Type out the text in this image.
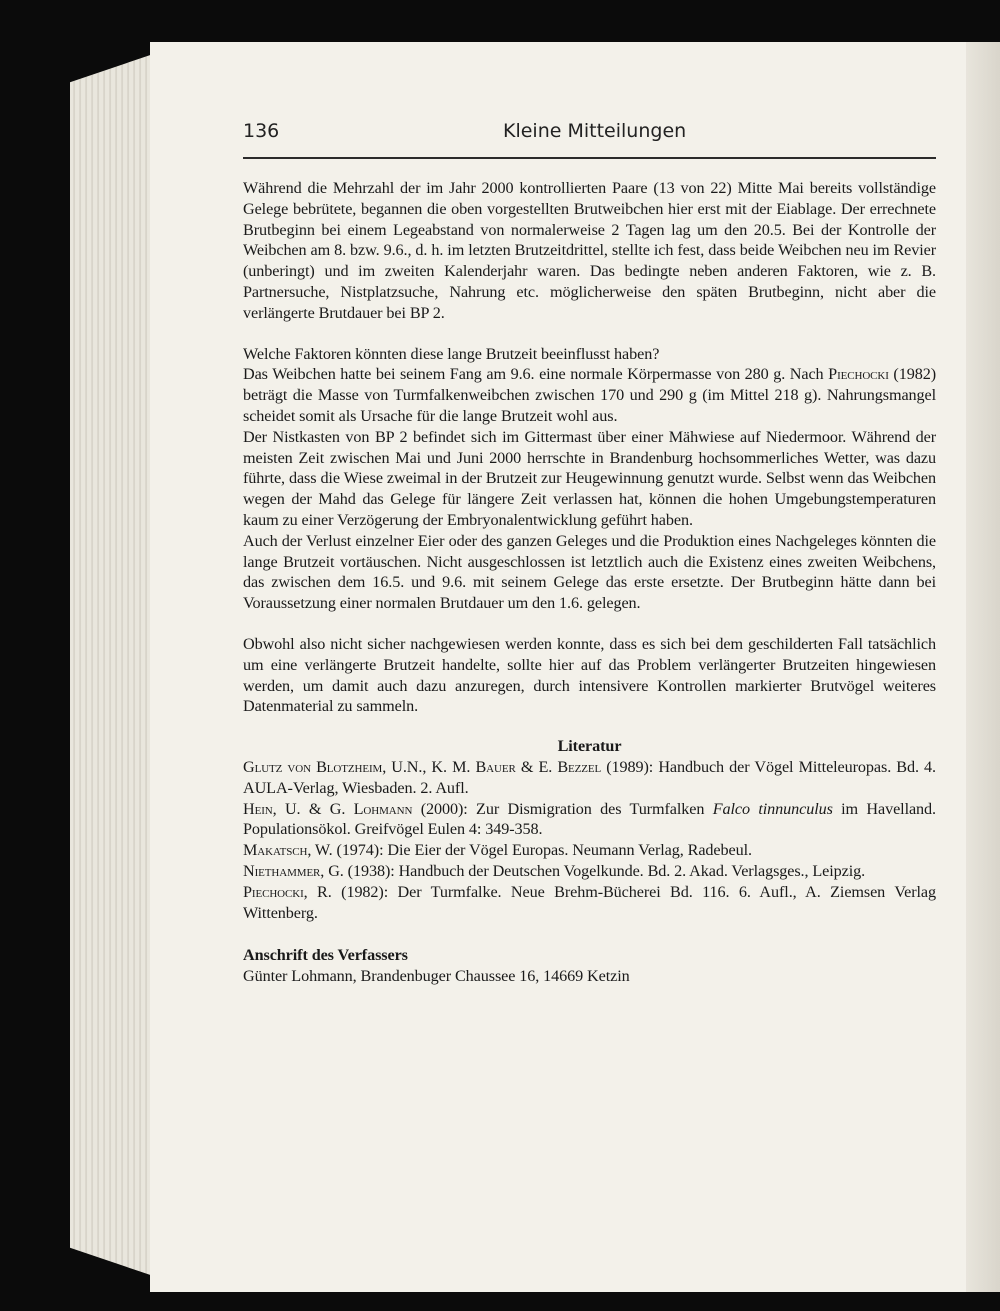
136	Kleine Mitteilungen

Während die Mehrzahl der im Jahr 2000 kontrollierten Paare (13 von 22) Mitte Mai bereits vollständige Gelege bebrütete, begannen die oben vorgestellten Brutweibchen hier erst mit der Eiablage. Der errechnete Brutbeginn bei einem Legeabstand von normalerweise 2 Tagen lag um den 20.5. Bei der Kontrolle der Weibchen am 8. bzw. 9.6., d. h. im letzten Brutzeitdrittel, stellte ich fest, dass beide Weibchen neu im Revier (unberingt) und im zweiten Kalenderjahr waren. Das bedingte neben anderen Faktoren, wie z. B. Partnersuche, Nistplatzsuche, Nahrung etc. möglicherweise den späten Brutbeginn, nicht aber die verlängerte Brutdauer bei BP 2.

Welche Faktoren könnten diese lange Brutzeit beeinflusst haben?

Das Weibchen hatte bei seinem Fang am 9.6. eine normale Körpermasse von 280 g. Nach Piechocki (1982) beträgt die Masse von Turmfalkenweibchen zwischen 170 und 290 g (im Mittel 218 g). Nahrungsmangel scheidet somit als Ursache für die lange Brutzeit wohl aus.

Der Nistkasten von BP 2 befindet sich im Gittermast über einer Mähwiese auf Niedermoor. Während der meisten Zeit zwischen Mai und Juni 2000 herrschte in Brandenburg hochsommerliches Wetter, was dazu führte, dass die Wiese zweimal in der Brutzeit zur Heugewinnung genutzt wurde. Selbst wenn das Weibchen wegen der Mahd das Gelege für längere Zeit verlassen hat, können die hohen Umgebungstemperaturen kaum zu einer Verzögerung der Embryonalentwicklung geführt haben.

Auch der Verlust einzelner Eier oder des ganzen Geleges und die Produktion eines Nachgeleges könnten die lange Brutzeit vortäuschen. Nicht ausgeschlossen ist letztlich auch die Existenz eines zweiten Weibchens, das zwischen dem 16.5. und 9.6. mit seinem Gelege das erste ersetzte. Der Brutbeginn hätte dann bei Voraussetzung einer normalen Brutdauer um den 1.6. gelegen.

Obwohl also nicht sicher nachgewiesen werden konnte, dass es sich bei dem geschilderten Fall tatsächlich um eine verlängerte Brutzeit handelte, sollte hier auf das Problem verlängerter Brutzeiten hingewiesen werden, um damit auch dazu anzuregen, durch intensivere Kontrollen markierter Brutvögel weiteres Datenmaterial zu sammeln.

Literatur

Glutz von Blotzheim, U.N., K. M. Bauer & E. Bezzel (1989): Handbuch der Vögel Mitteleuropas. Bd. 4. AULA-Verlag, Wiesbaden. 2. Aufl.

Hein, U. & G. Lohmann (2000): Zur Dismigration des Turmfalken Falco tinnunculus im Havelland. Populationsökol. Greifvögel Eulen 4: 349-358.

Makatsch, W. (1974): Die Eier der Vögel Europas. Neumann Verlag, Radebeul.

Niethammer, G. (1938): Handbuch der Deutschen Vogelkunde. Bd. 2. Akad. Verlagsges., Leipzig.

Piechocki, R. (1982): Der Turmfalke. Neue Brehm-Bücherei Bd. 116. 6. Aufl., A. Ziemsen Verlag Wittenberg.

Anschrift des Verfassers

Günter Lohmann, Brandenbuger Chaussee 16, 14669 Ketzin
